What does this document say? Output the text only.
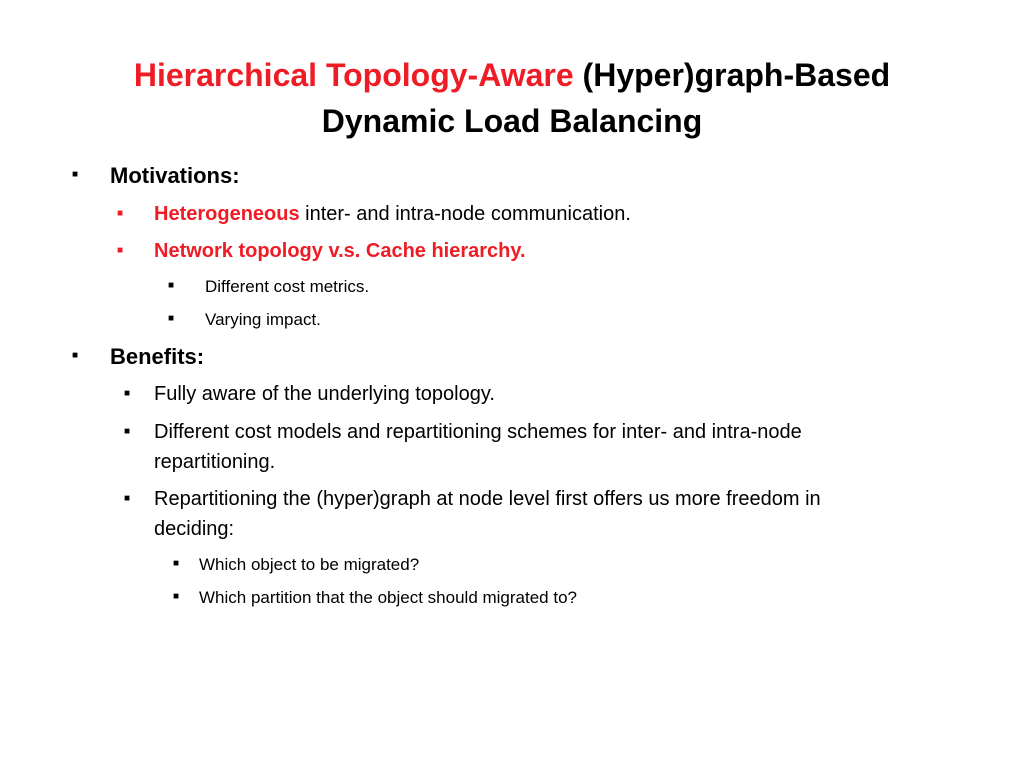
Hierarchical Topology-Aware (Hyper)graph-Based
Dynamic Load Balancing
■ Motivations:
■ Heterogeneous inter- and intra-node communication.
■ Network topology v.s. Cache hierarchy.
■ Different cost metrics.
■ Varying impact.
■ Benefits:
■ Fully aware of the underlying topology.
■ Different cost models and repartitioning schemes for inter- and intra-node
repartitioning.
■ Repartitioning the (hyper)graph at node level first offers us more freedom in
deciding:
■ Which object to be migrated?
■ Which partition that the object should migrated to?
